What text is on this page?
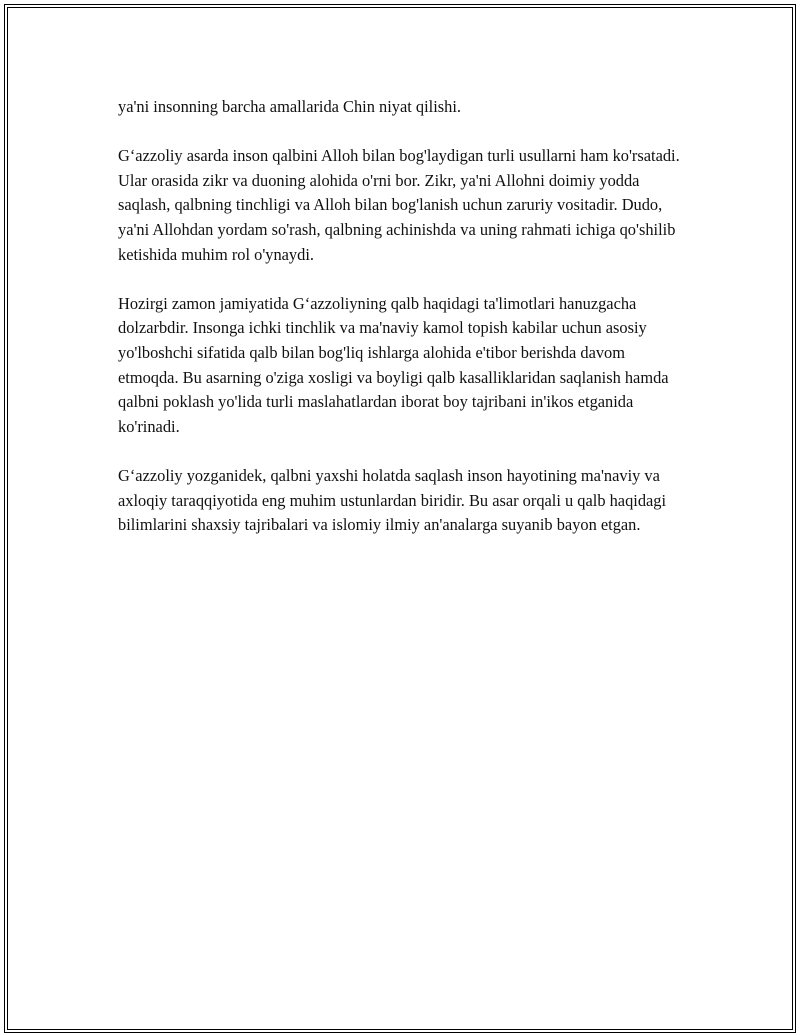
ya'ni insonning barcha amallarida Chin niyat qilishi.

G‘azzoliy asarda inson qalbini Alloh bilan bog'laydigan turli usullarni ham ko'rsatadi. Ular orasida zikr va duoning alohida o'rni bor. Zikr, ya'ni Allohni doimiy yodda saqlash, qalbning tinchligi va Alloh bilan bog'lanish uchun zaruriy vositadir. Dudo, ya'ni Allohdan yordam so'rash, qalbning achinishda va uning rahmati ichiga qo'shilib ketishida muhim rol o'ynaydi.

Hozirgi zamon jamiyatida G‘azzoliyning qalb haqidagi ta'limotlari hanuzgacha dolzarbdir. Insonga ichki tinchlik va ma'naviy kamol topish kabilar uchun asosiy yo'lboshchi sifatida qalb bilan bog'liq ishlarga alohida e'tibor berishda davom etmoqda. Bu asarning o'ziga xosligi va boyligi qalb kasalliklaridan saqlanish hamda qalbni poklash yo'lida turli maslahatlardan iborat boy tajribani in'ikos etganida ko'rinadi.

G‘azzoliy yozganidek, qalbni yaxshi holatda saqlash inson hayotining ma'naviy va axloqiy taraqqiyotida eng muhim ustunlardan biridir. Bu asar orqali u qalb haqidagi bilimlarini shaxsiy tajribalari va islomiy ilmiy an'analarga suyanib bayon etgan.
